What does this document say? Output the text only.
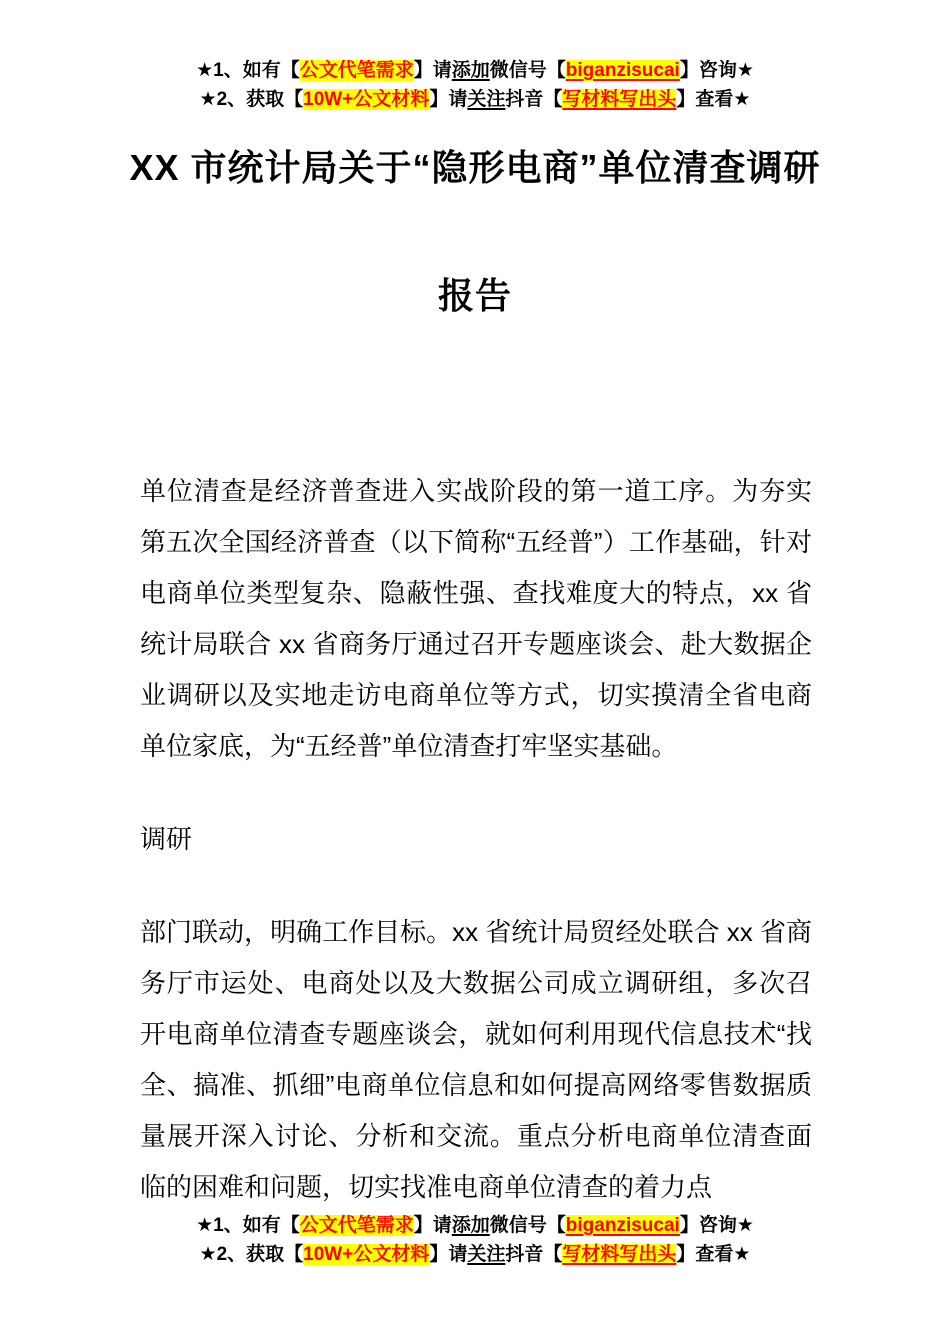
★1、如有【公文代笔需求】请添加微信号【biganzisucai】咨询★
★2、获取【10W+公文材料】请关注抖音【写材料写出头】查看★
XX 市统计局关于“隐形电商”单位清查调研报告

单位清查是经济普查进入实战阶段的第一道工序。为夯实第五次全国经济普查（以下简称“五经普”）工作基础，针对电商单位类型复杂、隐蔽性强、查找难度大的特点，xx 省统计局联合 xx 省商务厅通过召开专题座谈会、赴大数据企业调研以及实地走访电商单位等方式，切实摸清全省电商单位家底，为“五经普”单位清查打牢坚实基础。

调研

部门联动，明确工作目标。xx 省统计局贸经处联合 xx 省商务厅市运处、电商处以及大数据公司成立调研组，多次召开电商单位清查专题座谈会，就如何利用现代信息技术“找全、搞准、抓细”电商单位信息和如何提高网络零售数据质量展开深入讨论、分析和交流。重点分析电商单位清查面临的困难和问题，切实找准电商单位清查的着力点

★1、如有【公文代笔需求】请添加微信号【biganzisucai】咨询★
★2、获取【10W+公文材料】请关注抖音【写材料写出头】查看★
